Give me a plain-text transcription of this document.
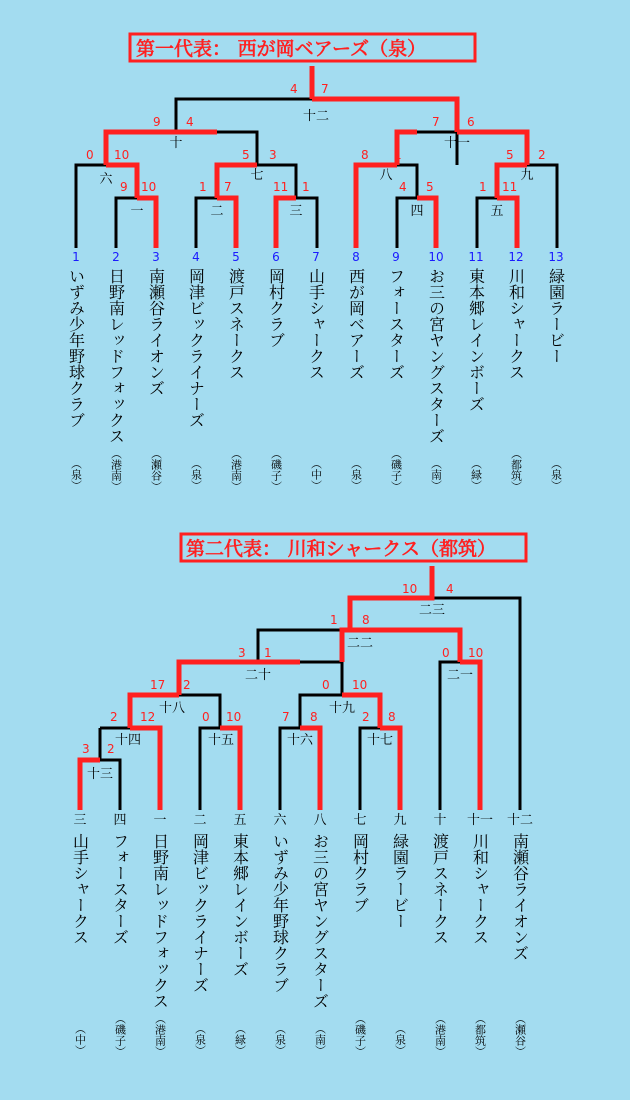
第一代表： 西が岡ベアーズ（泉）
9 10	1 7	11 1	4 5	1 11
0 10	5 3	8 1	5 2
9 4	7 6
4 7
一	二	三	四	五
六	七	八	九
十	十一
十二
1
いずみ少年野球クラブ
（泉）
2
日野南レッドフォックス
（港南）
3
南瀬谷ライオンズ
（瀬谷）
4
岡津ビックライナーズ
（泉）
5
渡戸スネークス
（港南）
6
岡村クラブ
（磯子）
7
山手シャークス
（中）
8
西が岡ベアーズ
（泉）
9
フォースターズ
（磯子）
10
お三の宮ヤングスターズ
（南）
11
東本郷レインボーズ
（緑）
12
川和シャークス
（都筑）
13
緑園ラービー
（泉）
第二代表： 川和シャークス（都筑）
3 2
2 12	0 10	7 8	2 8
17 2	0 10
3 1	0 10
1 8
10 4
十三
十四	十五	十六	十七
十八	十九
二十	二一
二二
二三
三
山手シャークス
（中）
四
フォースターズ
（磯子）
一
日野南レッドフォックス
（港南）
二
岡津ビックライナーズ
（泉）
五
東本郷レインボーズ
（緑）
六
いずみ少年野球クラブ
（泉）
八
お三の宮ヤングスターズ
（南）
七
岡村クラブ
（磯子）
九
緑園ラービー
（泉）
十
渡戸スネークス
（港南）
十一
川和シャークス
（都筑）
十二
南瀬谷ライオンズ
（瀬谷）
